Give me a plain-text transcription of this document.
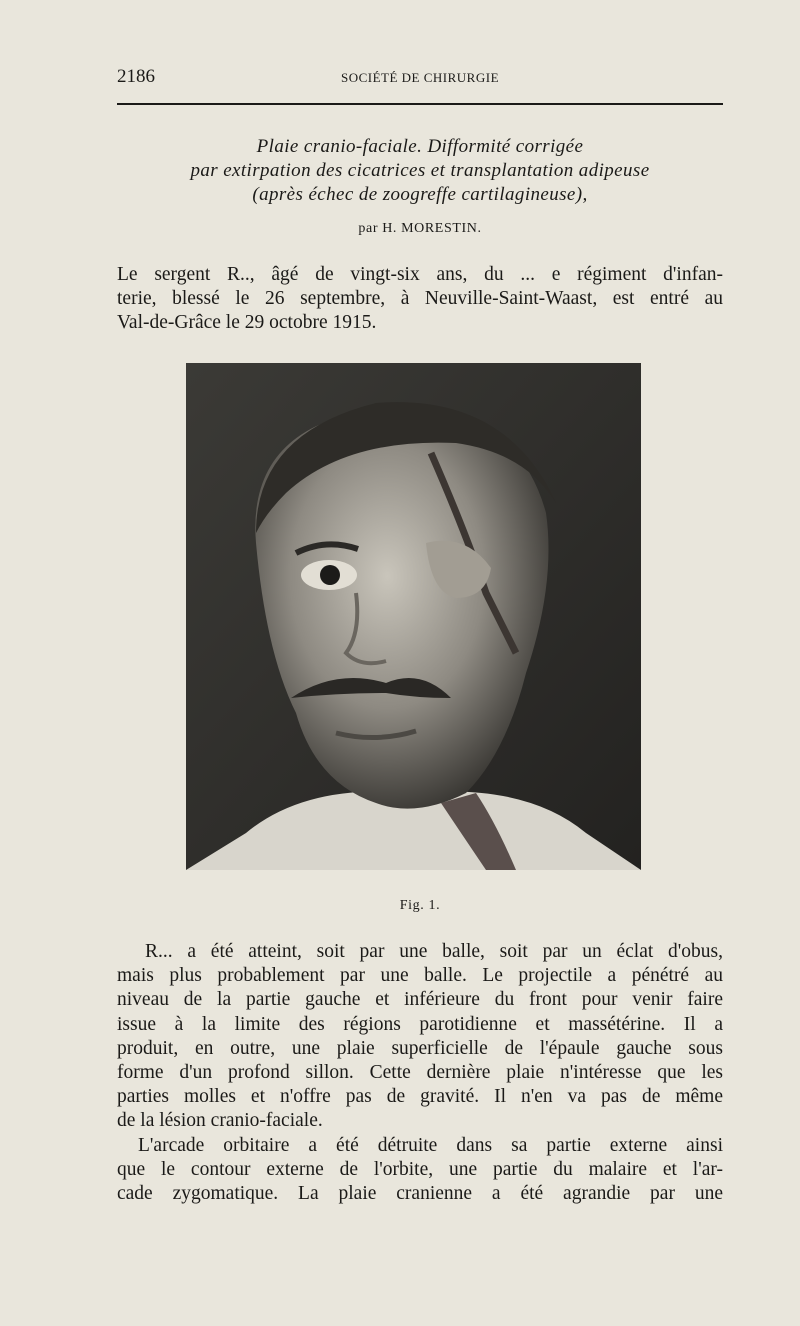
2186	SOCIÉTÉ DE CHIRURGIE
Plaie cranio-faciale. Difformité corrigée
par extirpation des cicatrices et transplantation adipeuse
(après échec de zoogreffe cartilagineuse),
par H. MORESTIN.

Le sergent R.., âgé de vingt-six ans, du ... e régiment d'infan-
terie, blessé le 26 septembre, à Neuville-Saint-Waast, est entré au
Val-de-Grâce le 29 octobre 1915.

Fig. 1.
R... a été atteint, soit par une balle, soit par un éclat d'obus,
mais plus probablement par une balle. Le projectile a pénétré au
niveau de la partie gauche et inférieure du front pour venir faire
issue à la limite des régions parotidienne et massétérine. Il a
produit, en outre, une plaie superficielle de l'épaule gauche sous
forme d'un profond sillon. Cette dernière plaie n'intéresse que les
parties molles et n'offre pas de gravité. Il n'en va pas de même
de la lésion cranio-faciale.
L'arcade orbitaire a été détruite dans sa partie externe ainsi
que le contour externe de l'orbite, une partie du malaire et l'ar-
cade zygomatique. La plaie cranienne a été agrandie par une
